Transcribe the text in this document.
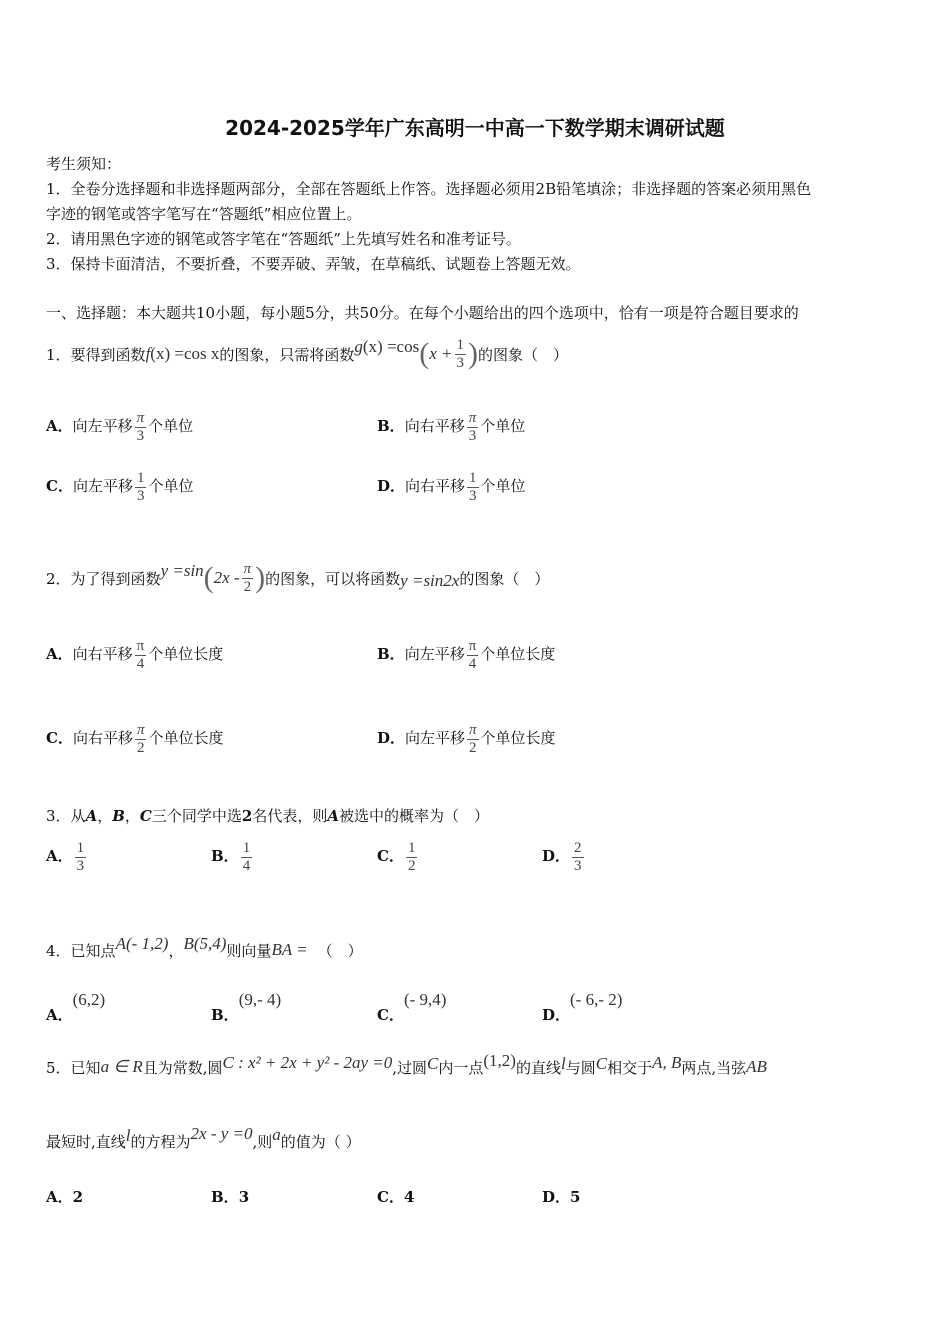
2024-2025学年广东高明一中高一下数学期末调研试题
考生须知：
1．全卷分选择题和非选择题两部分，全部在答题纸上作答。选择题必须用2B铅笔填涂；非选择题的答案必须用黑色
字迹的钢笔或答字笔写在“答题纸”相应位置上。
2．请用黑色字迹的钢笔或答字笔在“答题纸”上先填写姓名和准考证号。
3．保持卡面清洁，不要折叠，不要弄破、弄皱，在草稿纸、试题卷上答题无效。
一、选择题：本大题共10小题，每小题5分，共50分。在每个小题给出的四个选项中，恰有一项是符合题目要求的
1． 要得到函数 f (x) =cos x 的图象，只需将函数 g (x) =cos ( $x + \frac{1}{3}$ ) 的图象（　）
A．向左平移 $\frac{\pi}{3}$ 个单位	B．向右平移 $\frac{\pi}{3}$ 个单位
C．向左平移 $\frac{1}{3}$ 个单位	D．向右平移 $\frac{1}{3}$ 个单位
2． 为了得到函数 y =sin ( $2x - \frac{\pi}{2}$ ) 的图象，可以将函数 y =sin2x 的图象（　）
A．向右平移 $\frac{\pi}{4}$ 个单位长度	B．向左平移 $\frac{\pi}{4}$ 个单位长度
C．向右平移 $\frac{\pi}{2}$ 个单位长度	D．向左平移 $\frac{\pi}{2}$ 个单位长度
3．从A，B，C三个同学中选2名代表，则A被选中的概率为（　）
A． $\frac{1}{3}$	B． $\frac{1}{4}$	C． $\frac{1}{2}$	D． $\frac{2}{3}$
4． 已知点 A(- 1,2) ， B(5,4) 则向量 BA = （　）
A．
(6,2)
B．
(9,- 4)
C．
(- 9,4)
D．
(- 6,- 2)
5． 已知 a ∈ R 且为常数,圆 C : x² + 2x + y² - 2ay =0 ,过圆 C 内一点 (1,2) 的直线 l 与圆 C 相交于 A, B 两点,当弦 AB
最短时,直线 l 的方程为 2x - y =0 ,则 a 的值为（ ）
A．2	B．3	C．4	D．5
